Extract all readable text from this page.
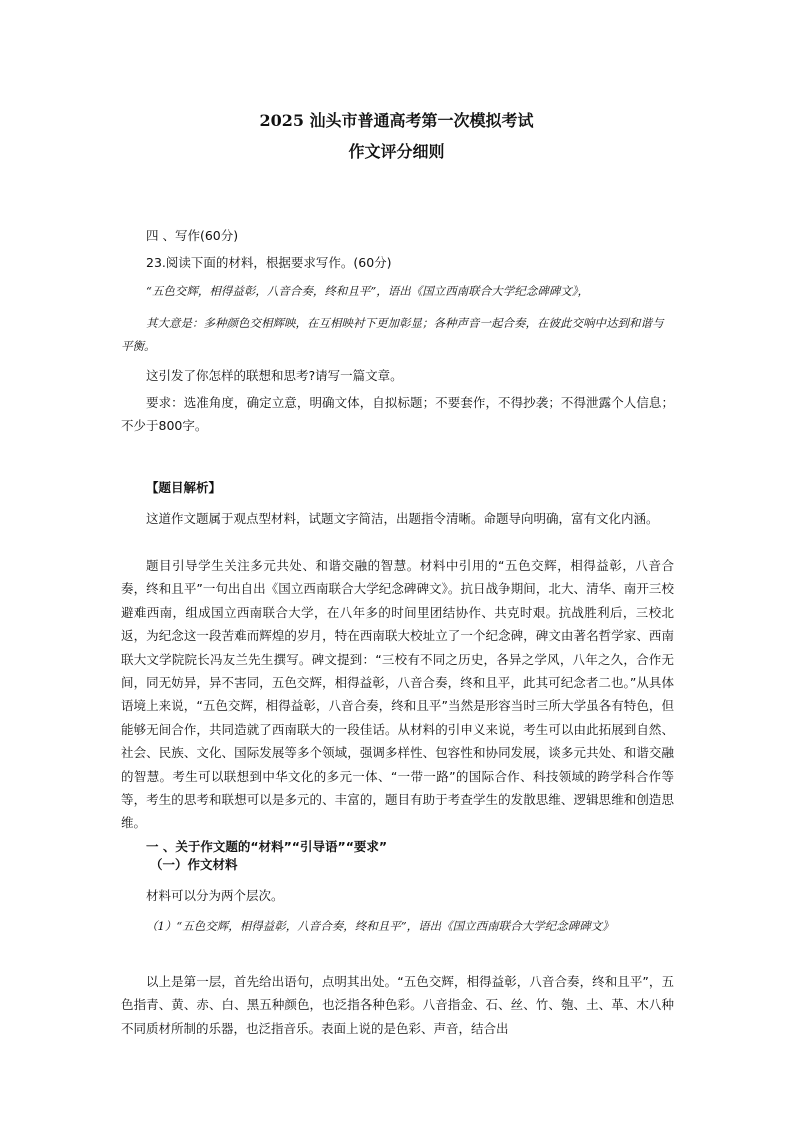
2025 汕头市普通高考第一次模拟考试
作文评分细则

四 、写作(60分)

23.阅读下面的材料，根据要求写作。(60分)

“五色交辉，相得益彰，八音合奏，终和且平”，语出《国立西南联合大学纪念碑碑文》，

其大意是：多种颜色交相辉映，在互相映衬下更加彰显；各种声音一起合奏，在彼此交响中达到和谐与平衡。

这引发了你怎样的联想和思考?请写一篇文章。

要求：选准角度，确定立意，明确文体，自拟标题；不要套作，不得抄袭；不得泄露个人信息；不少于800字。

【题目解析】

这道作文题属于观点型材料，试题文字简洁，出题指令清晰。命题导向明确，富有文化内涵。

题目引导学生关注多元共处、和谐交融的智慧。材料中引用的“五色交辉，相得益彰，八音合奏，终和且平”一句出自出《国立西南联合大学纪念碑碑文》。抗日战争期间，北大、清华、南开三校避难西南，组成国立西南联合大学，在八年多的时间里团结协作、共克时艰。抗战胜利后，三校北返，为纪念这一段苦难而辉煌的岁月，特在西南联大校址立了一个纪念碑，碑文由著名哲学家、西南联大文学院院长冯友兰先生撰写。碑文提到：“三校有不同之历史，各异之学风，八年之久，合作无间，同无妨异，异不害同，五色交辉，相得益彰，八音合奏，终和且平，此其可纪念者二也。”从具体语境上来说，“五色交辉，相得益彰，八音合奏，终和且平”当然是形容当时三所大学虽各有特色，但能够无间合作，共同造就了西南联大的一段佳话。从材料的引申义来说，考生可以由此拓展到自然、社会、民族、文化、国际发展等多个领域，强调多样性、包容性和协同发展，谈多元共处、和谐交融的智慧。考生可以联想到中华文化的多元一体、“一带一路”的国际合作、科技领域的跨学科合作等等，考生的思考和联想可以是多元的、丰富的，题目有助于考查学生的发散思维、逻辑思维和创造思维。

一 、关于作文题的“材料”“引导语”“要求”

（一）作文材料

材料可以分为两个层次。

（1）“五色交辉，相得益彰，八音合奏，终和且平”，语出《国立西南联合大学纪念碑碑文》

以上是第一层，首先给出语句，点明其出处。“五色交辉，相得益彰，八音合奏，终和且平”，五色指青、黄、赤、白、黑五种颜色，也泛指各种色彩。八音指金、石、丝、竹、匏、土、革、木八种不同质材所制的乐器，也泛指音乐。表面上说的是色彩、声音，结合出
